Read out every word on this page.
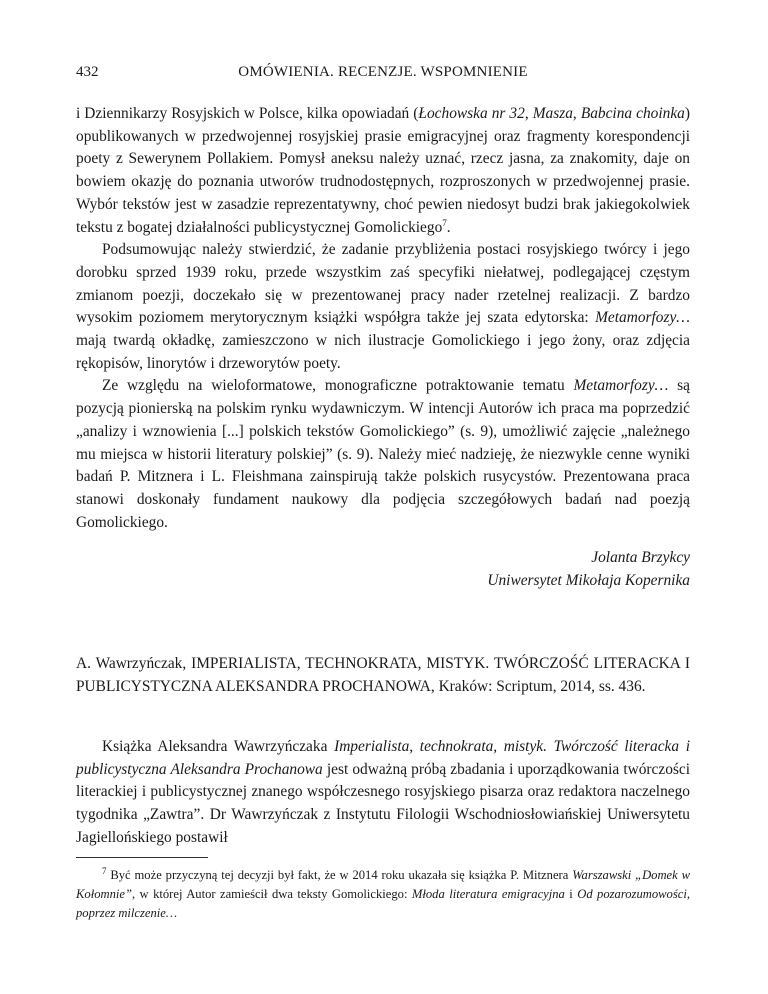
432	OMÓWIENIA. RECENZJE. WSPOMNIENIE

i Dziennikarzy Rosyjskich w Polsce, kilka opowiadań (Łochowska nr 32, Masza, Babcina choinka) opublikowanych w przedwojennej rosyjskiej prasie emigracyjnej oraz fragmenty korespondencji poety z Sewerynem Pollakiem. Pomysł aneksu należy uznać, rzecz jasna, za znakomity, daje on bowiem okazję do poznania utworów trudnodostępnych, rozproszonych w przedwojennej prasie. Wybór tekstów jest w zasadzie reprezentatywny, choć pewien niedosyt budzi brak jakiegokolwiek tekstu z bogatej działalności publicystycznej Gomolickiego$^7$.

Podsumowując należy stwierdzić, że zadanie przybliżenia postaci rosyjskiego twórcy i jego dorobku sprzed 1939 roku, przede wszystkim zaś specyfiki niełatwej, podlegającej częstym zmianom poezji, doczekało się w prezentowanej pracy nader rzetelnej realizacji. Z bardzo wysokim poziomem merytorycznym książki współgra także jej szata edytorska: Metamorfozy… mają twardą okładkę, zamieszczono w nich ilustracje Gomolickiego i jego żony, oraz zdjęcia rękopisów, linorytów i drzeworytów poety.

Ze względu na wieloformatowe, monograficzne potraktowanie tematu Metamorfozy… są pozycją pionierską na polskim rynku wydawniczym. W intencji Autorów ich praca ma poprzedzić „analizy i wznowienia [...] polskich tekstów Gomolickiego” (s. 9), umożliwić zajęcie „należnego mu miejsca w historii literatury polskiej” (s. 9). Należy mieć nadzieję, że niezwykle cenne wyniki badań P. Mitznera i L. Fleishmana zainspirują także polskich rusycystów. Prezentowana praca stanowi doskonały fundament naukowy dla podjęcia szczegółowych badań nad poezją Gomolickiego.

Jolanta Brzykcy
Uniwersytet Mikołaja Kopernika
A. Wawrzyńczak, IMPERIALISTA, TECHNOKRATA, MISTYK. TWÓRCZOŚĆ LITERACKA I PUBLICYSTYCZNA ALEKSANDRA PROCHANOWA, Kraków: Scriptum, 2014, ss. 436.

Książka Aleksandra Wawrzyńczaka Imperialista, technokrata, mistyk. Twórczość literacka i publicystyczna Aleksandra Prochanowa jest odważną próbą zbadania i uporządkowania twórczości literackiej i publicystycznej znanego współczesnego rosyjskiego pisarza oraz redaktora naczelnego tygodnika „Zawtra”. Dr Wawrzyńczak z Instytutu Filologii Wschodniosłowiańskiej Uniwersytetu Jagiellońskiego postawił

$^7$ Być może przyczyną tej decyzji był fakt, że w 2014 roku ukazała się książka P. Mitznera Warszawski „Domek w Kołomnie”, w której Autor zamieścił dwa teksty Gomolickiego: Młoda literatura emigracyjna i Od pozarozumowości, poprzez milczenie…
